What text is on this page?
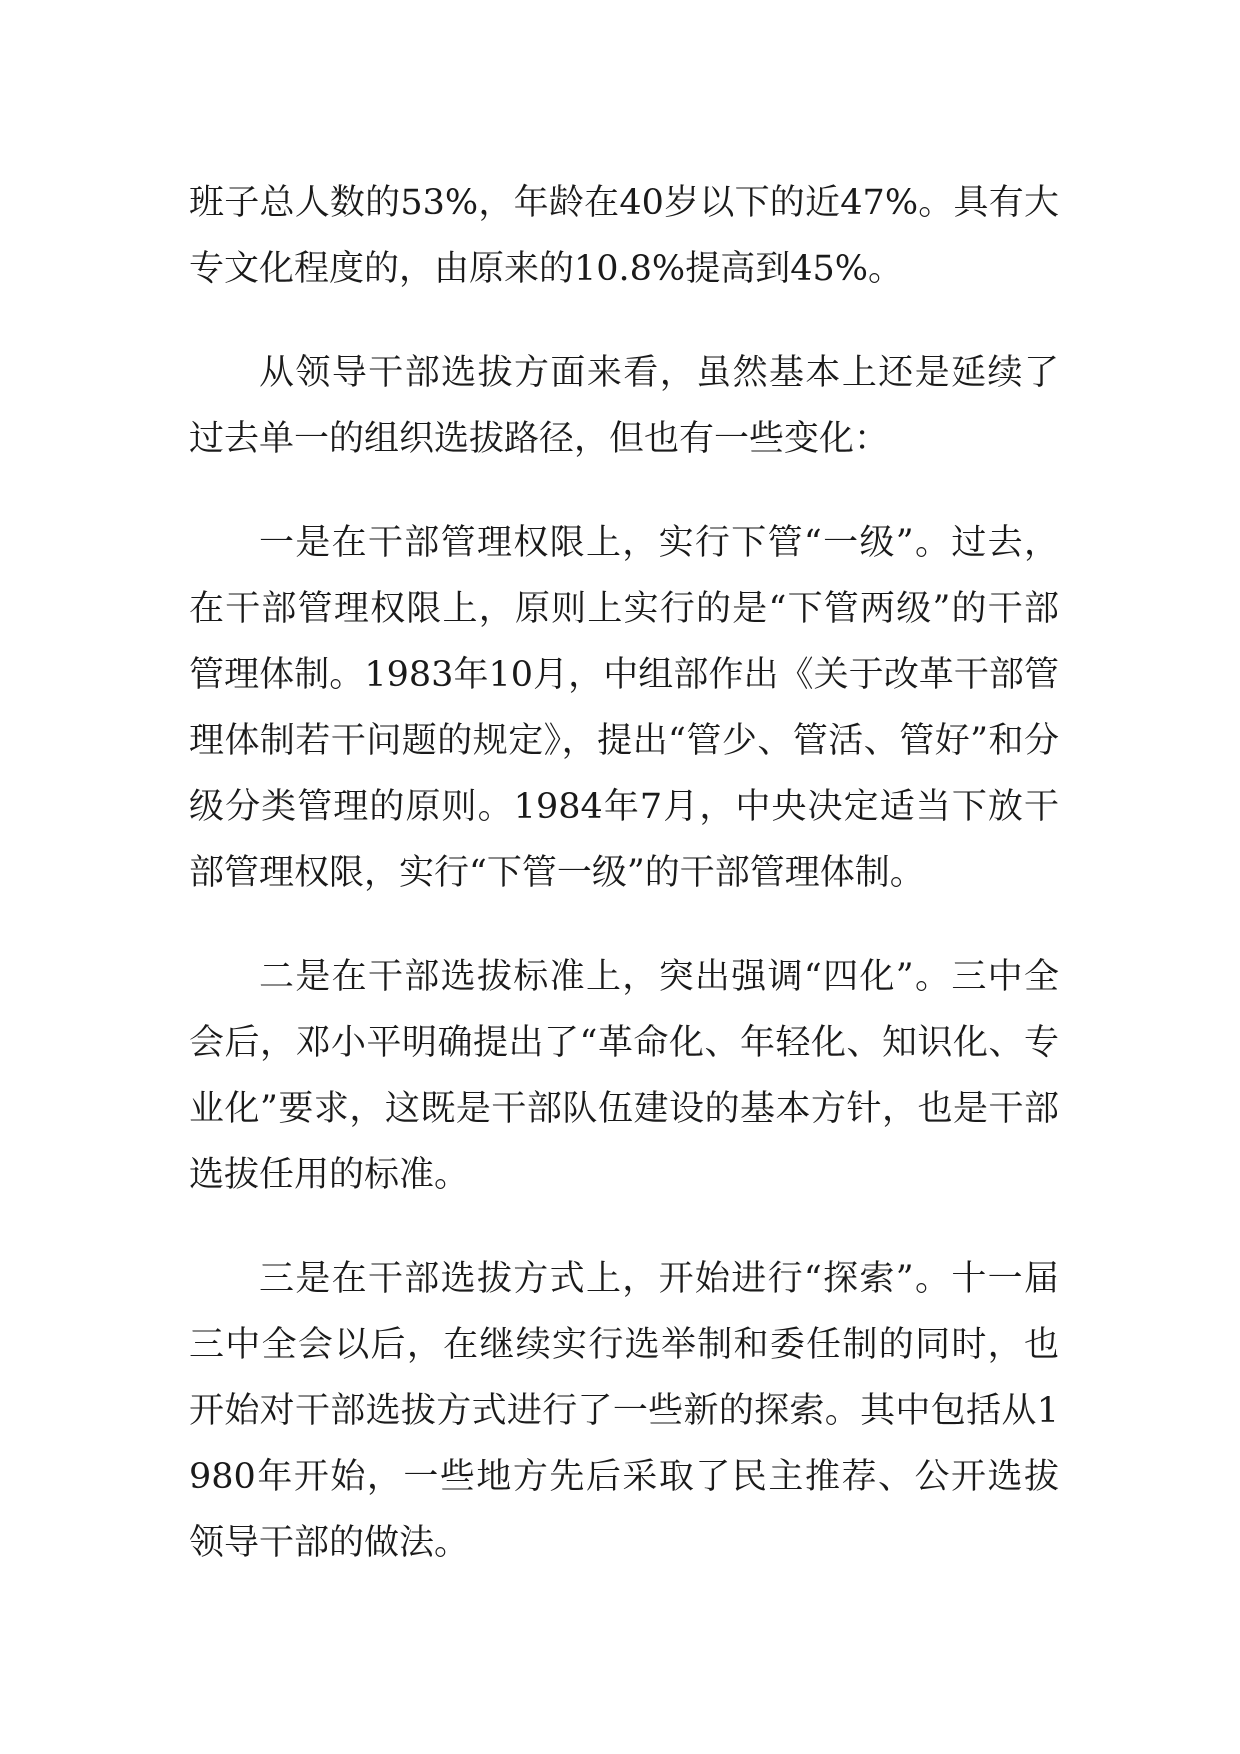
班子总人数的53%，年龄在40岁以下的近47%。具有大专文化程度的，由原来的10.8%提高到45%。

从领导干部选拔方面来看，虽然基本上还是延续了过去单一的组织选拔路径，但也有一些变化：

一是在干部管理权限上，实行下管“一级”。过去，在干部管理权限上，原则上实行的是“下管两级”的干部管理体制。1983年10月，中组部作出《关于改革干部管理体制若干问题的规定》，提出“管少、管活、管好”和分级分类管理的原则。1984年7月，中央决定适当下放干部管理权限，实行“下管一级”的干部管理体制。

二是在干部选拔标准上，突出强调“四化”。三中全会后，邓小平明确提出了“革命化、年轻化、知识化、专业化”要求，这既是干部队伍建设的基本方针，也是干部选拔任用的标准。

三是在干部选拔方式上，开始进行“探索”。十一届三中全会以后，在继续实行选举制和委任制的同时，也开始对干部选拔方式进行了一些新的探索。其中包括从1980年开始，一些地方先后采取了民主推荐、公开选拔领导干部的做法。
